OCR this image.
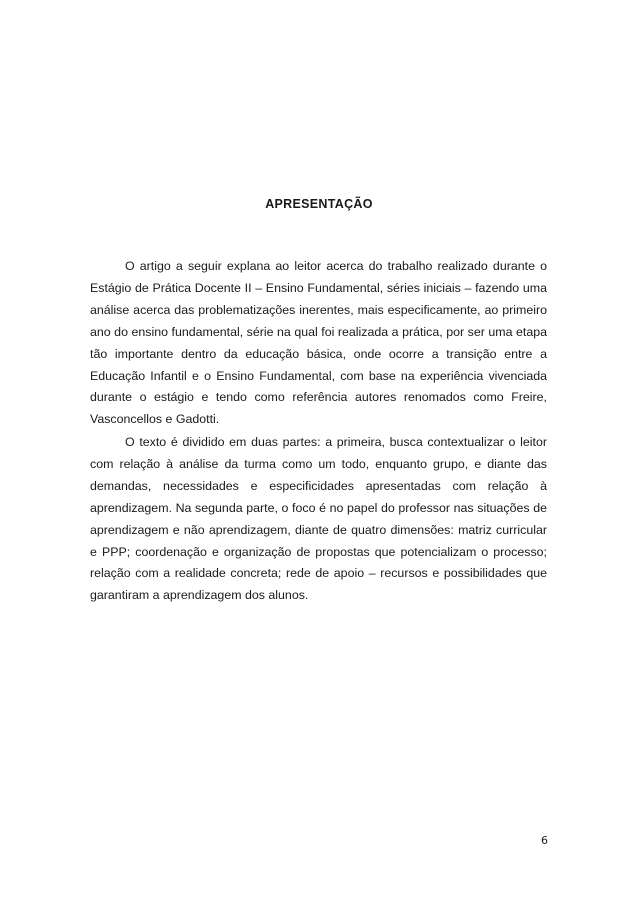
APRESENTAÇÃO

O artigo a seguir explana ao leitor acerca do trabalho realizado durante o Estágio de Prática Docente II – Ensino Fundamental, séries iniciais – fazendo uma análise acerca das problematizações inerentes, mais especificamente, ao primeiro ano do ensino fundamental, série na qual foi realizada a prática, por ser uma etapa tão importante dentro da educação básica, onde ocorre a transição entre a Educação Infantil e o Ensino Fundamental, com base na experiência vivenciada durante o estágio e tendo como referência autores renomados como Freire, Vasconcellos e Gadotti.

O texto é dividido em duas partes: a primeira, busca contextualizar o leitor com relação à análise da turma como um todo, enquanto grupo, e diante das demandas, necessidades e especificidades apresentadas com relação à aprendizagem. Na segunda parte, o foco é no papel do professor nas situações de aprendizagem e não aprendizagem, diante de quatro dimensões: matriz curricular e PPP; coordenação e organização de propostas que potencializam o processo; relação com a realidade concreta; rede de apoio – recursos e possibilidades que garantiram a aprendizagem dos alunos.

6
